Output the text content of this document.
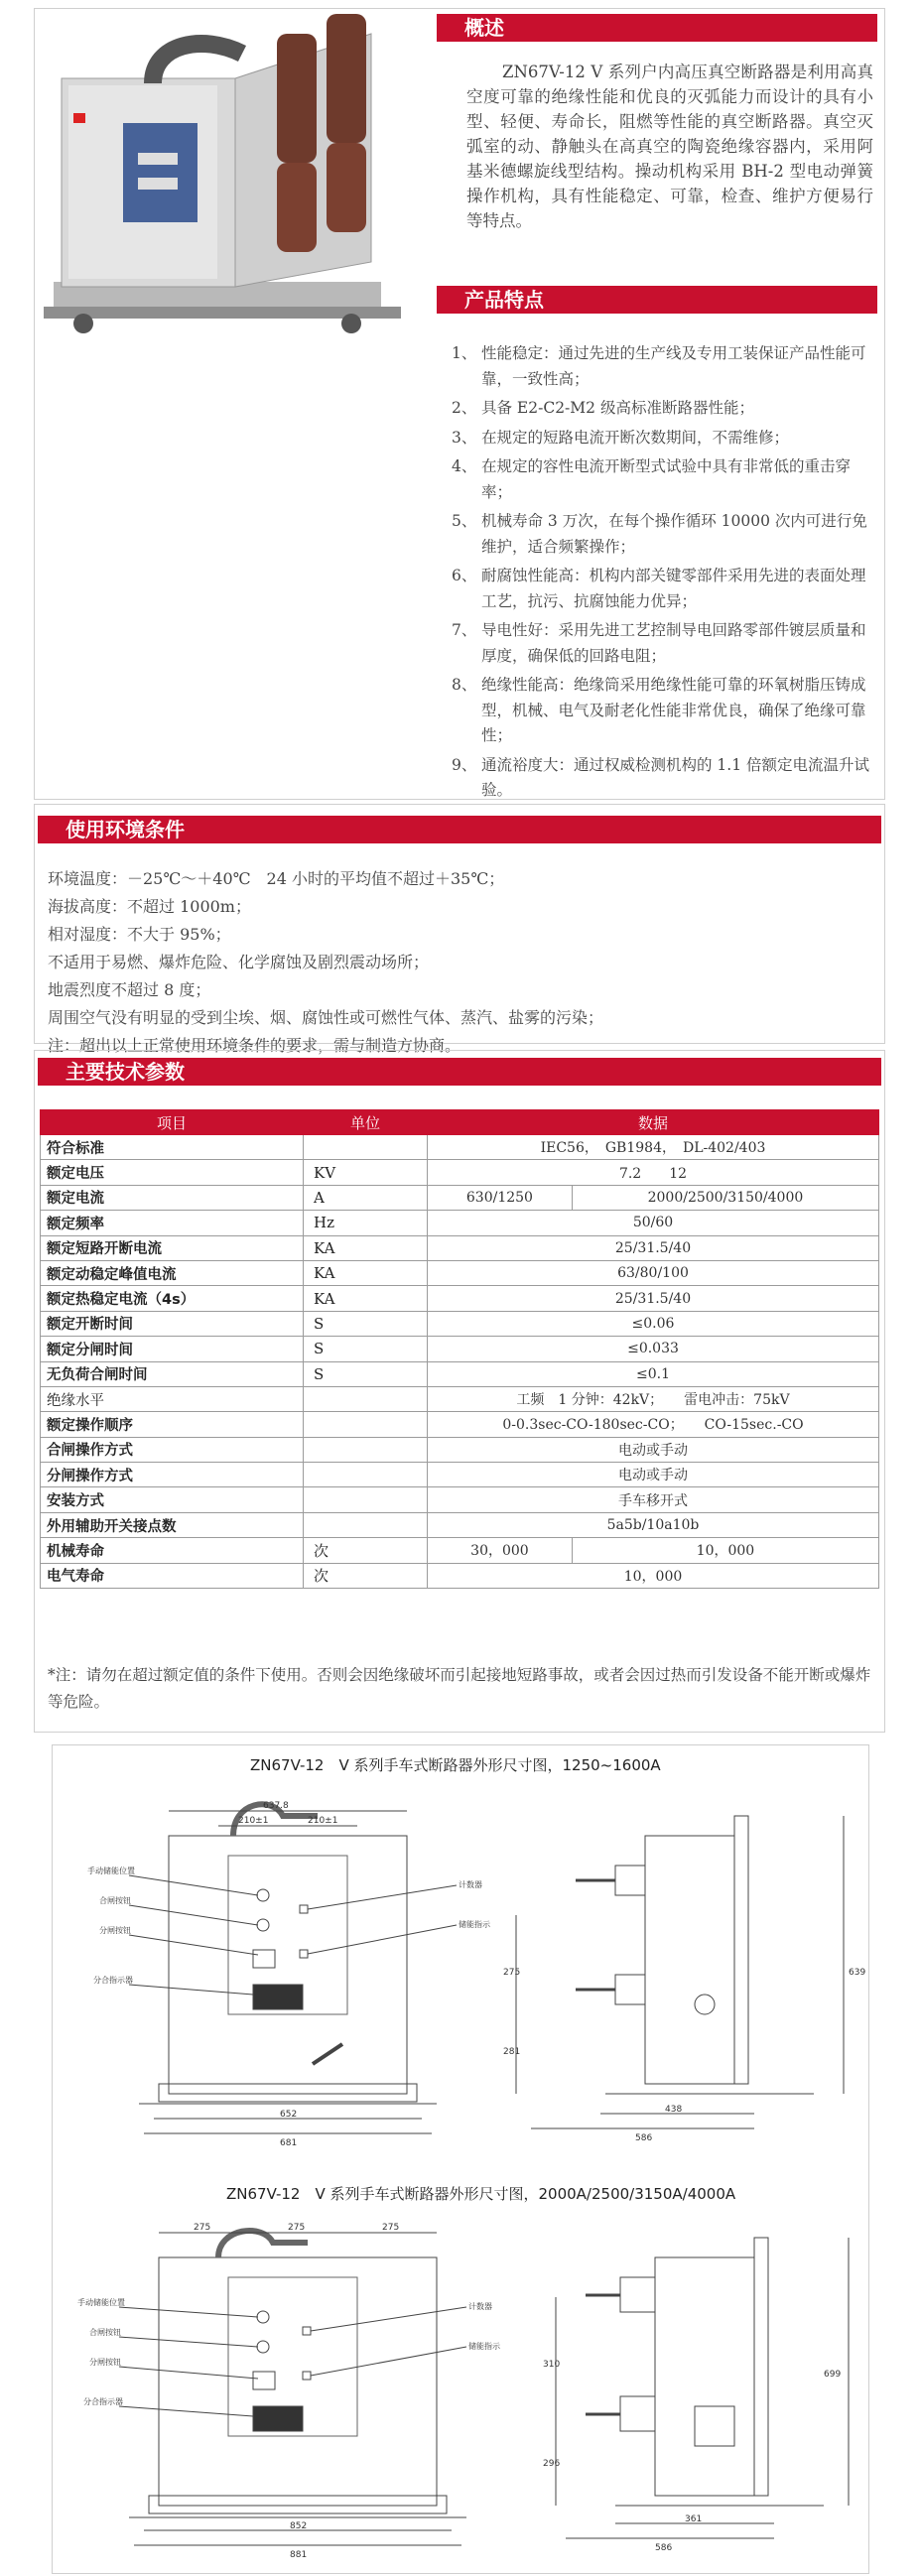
概述

ZN67V-12 V 系列户内高压真空断路器是利用高真空度可靠的绝缘性能和优良的灭弧能力而设计的具有小型、轻便、寿命长，阻燃等性能的真空断路器。真空灭弧室的动、静触头在高真空的陶瓷绝缘容器内，采用阿基米德螺旋线型结构。操动机构采用 BH-2 型电动弹簧操作机构，具有性能稳定、可靠，检查、维护方便易行等特点。

产品特点
1、 性能稳定：通过先进的生产线及专用工装保证产品性能可靠，一致性高；
2、 具备 E2-C2-M2 级高标准断路器性能；
3、 在规定的短路电流开断次数期间，不需维修；
4、 在规定的容性电流开断型式试验中具有非常低的重击穿率；
5、 机械寿命 3 万次，在每个操作循环 10000 次内可进行免维护，适合频繁操作；
6、 耐腐蚀性能高：机构内部关键零部件采用先进的表面处理工艺，抗污、抗腐蚀能力优异；
7、 导电性好：采用先进工艺控制导电回路零部件镀层质量和厚度，确保低的回路电阻；
8、 绝缘性能高：绝缘筒采用绝缘性能可靠的环氧树脂压铸成型，机械、电气及耐老化性能非常优良，确保了绝缘可靠性；
9、 通流裕度大：通过权威检测机构的 1.1 倍额定电流温升试验。
使用环境条件
环境温度：－25℃～＋40℃　24 小时的平均值不超过＋35℃；
海拔高度：不超过 1000m；
相对湿度：不大于 95%；
不适用于易燃、爆炸危险、化学腐蚀及剧烈震动场所；
地震烈度不超过 8 度；
周围空气没有明显的受到尘埃、烟、腐蚀性或可燃性气体、蒸汽、盐雾的污染；
注：超出以上正常使用环境条件的要求，需与制造方协商。
主要技术参数
项目	单位	数据	
符合标准		IEC56，　GB1984，　DL-402/403	
额定电压	KV	7.2　　12	
额定电流	A	630/1250	2000/2500/3150/4000
额定频率	Hz	50/60	
额定短路开断电流	KA	25/31.5/40	
额定动稳定峰值电流	KA	63/80/100	
额定热稳定电流（4s）	KA	25/31.5/40	
额定开断时间	S	≤0.06	
额定分闸时间	S	≤0.033	
无负荷合闸时间	S	≤0.1	
绝缘水平		工频　1 分钟：42kV；　　雷电冲击：75kV	
额定操作顺序		0-0.3sec-CO-180sec-CO；　　CO-15sec.-CO	
合闸操作方式		电动或手动	
分闸操作方式		电动或手动	
安装方式		手车移开式	
外用辅助开关接点数		5a5b/10a10b	
机械寿命	次	30，000	10，000
电气寿命	次	10，000	

*注：请勿在超过额定值的条件下使用。否则会因绝缘破坏而引起接地短路事故，或者会因过热而引发设备不能开断或爆炸等危险。

ZN67V-12　V 系列手车式断路器外形尺寸图，1250~1600A
637.8
210±1	210±1
652
681
手动储能位置
合闸按钮
分闸按钮
分合指示器
计数器
储能指示
275
281
639
438
586
ZN67V-12　V 系列手车式断路器外形尺寸图，2000A/2500/3150A/4000A
275	275	275
852
881
手动储能位置
合闸按钮
分闸按钮
分合指示器
计数器
储能指示
310
296
699
361
586
